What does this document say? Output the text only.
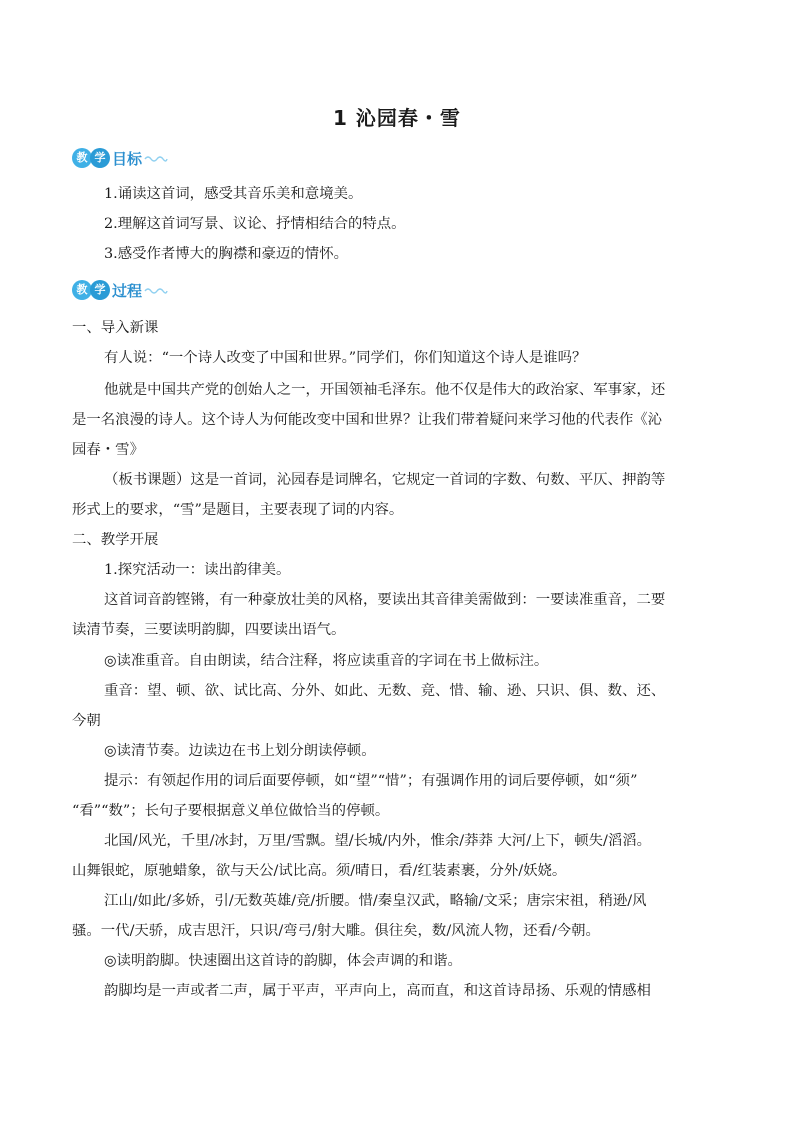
1 沁园春・雪
教 学 目标
1.诵读这首词，感受其音乐美和意境美。
2.理解这首词写景、议论、抒情相结合的特点。
3.感受作者博大的胸襟和豪迈的情怀。
教 学 过程
一、导入新课
有人说：“一个诗人改变了中国和世界。”同学们，你们知道这个诗人是谁吗？
他就是中国共产党的创始人之一，开国领袖毛泽东。他不仅是伟大的政治家、军事家，还
是一名浪漫的诗人。这个诗人为何能改变中国和世界？让我们带着疑问来学习他的代表作《沁
园春・雪》
（板书课题）这是一首词，沁园春是词牌名，它规定一首词的字数、句数、平仄、押韵等
形式上的要求，“雪”是题目，主要表现了词的内容。
二、教学开展
1.探究活动一：读出韵律美。
这首词音韵铿锵，有一种豪放壮美的风格，要读出其音律美需做到：一要读准重音，二要
读清节奏，三要读明韵脚，四要读出语气。
◎读准重音。自由朗读，结合注释，将应读重音的字词在书上做标注。
重音：望、顿、欲、试比高、分外、如此、无数、竞、惜、输、逊、只识、俱、数、还、
今朝
◎读清节奏。边读边在书上划分朗读停顿。
提示：有领起作用的词后面要停顿，如“望”“惜”；有强调作用的词后要停顿，如“须”
“看”“数”；长句子要根据意义单位做恰当的停顿。
北国/风光，千里/冰封，万里/雪飘。望/长城/内外，惟余/莽莽 大河/上下，顿失/滔滔。
山舞银蛇，原驰蜡象，欲与天公/试比高。须/晴日，看/红装素裹，分外/妖娆。
江山/如此/多娇，引/无数英雄/竞/折腰。惜/秦皇汉武，略输/文采；唐宗宋祖，稍逊/风
骚。一代/天骄，成吉思汗，只识/弯弓/射大雕。俱往矣，数/风流人物，还看/今朝。
◎读明韵脚。快速圈出这首诗的韵脚，体会声调的和谐。
韵脚均是一声或者二声，属于平声，平声向上，高而直，和这首诗昂扬、乐观的情感相
